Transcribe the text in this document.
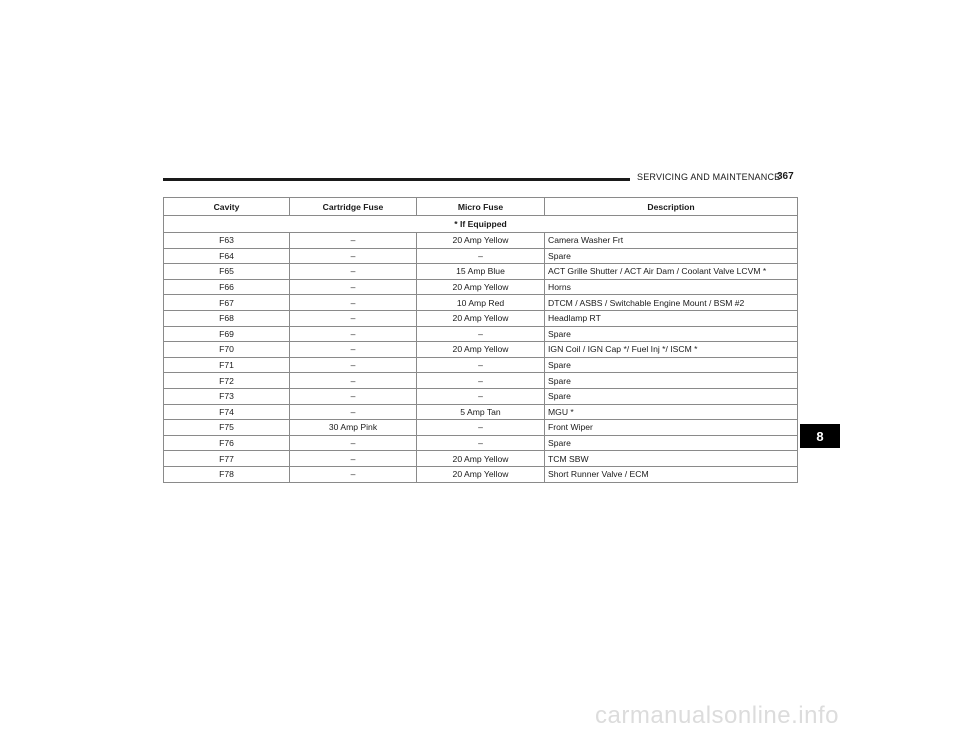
SERVICING AND MAINTENANCE
367
Cavity	Cartridge Fuse	Micro Fuse	Description
* If Equipped			
F63	–	20 Amp Yellow	Camera Washer Frt
F64	–	–	Spare
F65	–	15 Amp Blue	ACT Grille Shutter / ACT Air Dam / Coolant Valve LCVM *
F66	–	20 Amp Yellow	Horns
F67	–	10 Amp Red	DTCM / ASBS / Switchable Engine Mount / BSM #2
F68	–	20 Amp Yellow	Headlamp RT
F69	–	–	Spare
F70	–	20 Amp Yellow	IGN Coil / IGN Cap */ Fuel Inj */ ISCM *
F71	–	–	Spare
F72	–	–	Spare
F73	–	–	Spare
F74	–	5 Amp Tan	MGU *
F75	30 Amp Pink	–	Front Wiper
F76	–	–	Spare
F77	–	20 Amp Yellow	TCM SBW
F78	–	20 Amp Yellow	Short Runner Valve / ECM
8
carmanualsonline.info
